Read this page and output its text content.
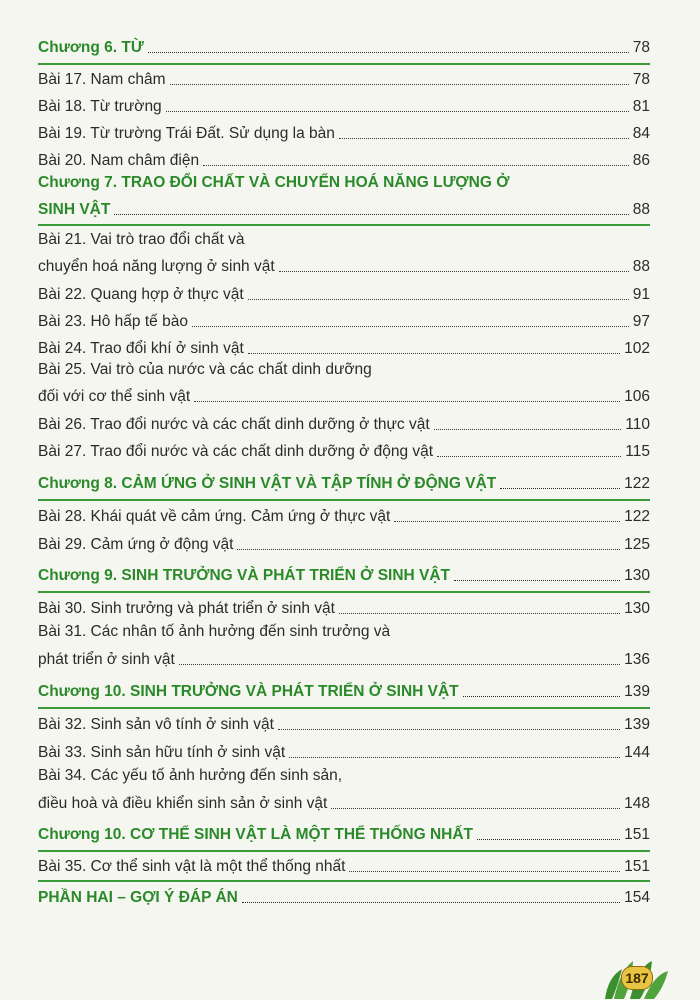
Chương 6. TỪ	78
Bài 17. Nam châm	78
Bài 18. Từ trường	81
Bài 19. Từ trường Trái Đất. Sử dụng la bàn	84
Bài 20. Nam châm điện	86
Chương 7. TRAO ĐỔI CHẤT VÀ CHUYỂN HOÁ NĂNG LƯỢNG Ở
SINH VẬT	88
Bài 21. Vai trò trao đổi chất và
chuyển hoá năng lượng ở sinh vật	88
Bài 22. Quang hợp ở thực vật	91
Bài 23. Hô hấp tế bào	97
Bài 24. Trao đổi khí ở sinh vật	102
Bài 25. Vai trò của nước và các chất dinh dưỡng
đối với cơ thể sinh vật	106
Bài 26. Trao đổi nước và các chất dinh dưỡng ở thực vật	110
Bài 27. Trao đổi nước và các chất dinh dưỡng ở động vật	115
Chương 8. CẢM ỨNG Ở SINH VẬT VÀ TẬP TÍNH Ở ĐỘNG VẬT	122
Bài 28. Khái quát về cảm ứng. Cảm ứng ở thực vật	122
Bài 29. Cảm ứng ở động vật	125
Chương 9. SINH TRƯỞNG VÀ PHÁT TRIỂN Ở SINH VẬT	130
Bài 30. Sinh trưởng và phát triển ở sinh vật	130
Bài 31. Các nhân tố ảnh hưởng đến sinh trưởng và
phát triển ở sinh vật	136
Chương 10. SINH TRƯỞNG VÀ PHÁT TRIỂN Ở SINH VẬT	139
Bài 32. Sinh sản vô tính ở sinh vật	139
Bài 33. Sinh sản hữu tính ở sinh vật	144
Bài 34. Các yếu tố ảnh hưởng đến sinh sản,
điều hoà và điều khiển sinh sản ở sinh vật	148
Chương 10. CƠ THỂ SINH VẬT LÀ MỘT THỂ THỐNG NHẤT	151
Bài 35. Cơ thể sinh vật là một thể thống nhất	151
PHẦN HAI – GỢI Ý ĐÁP ÁN	154
187
